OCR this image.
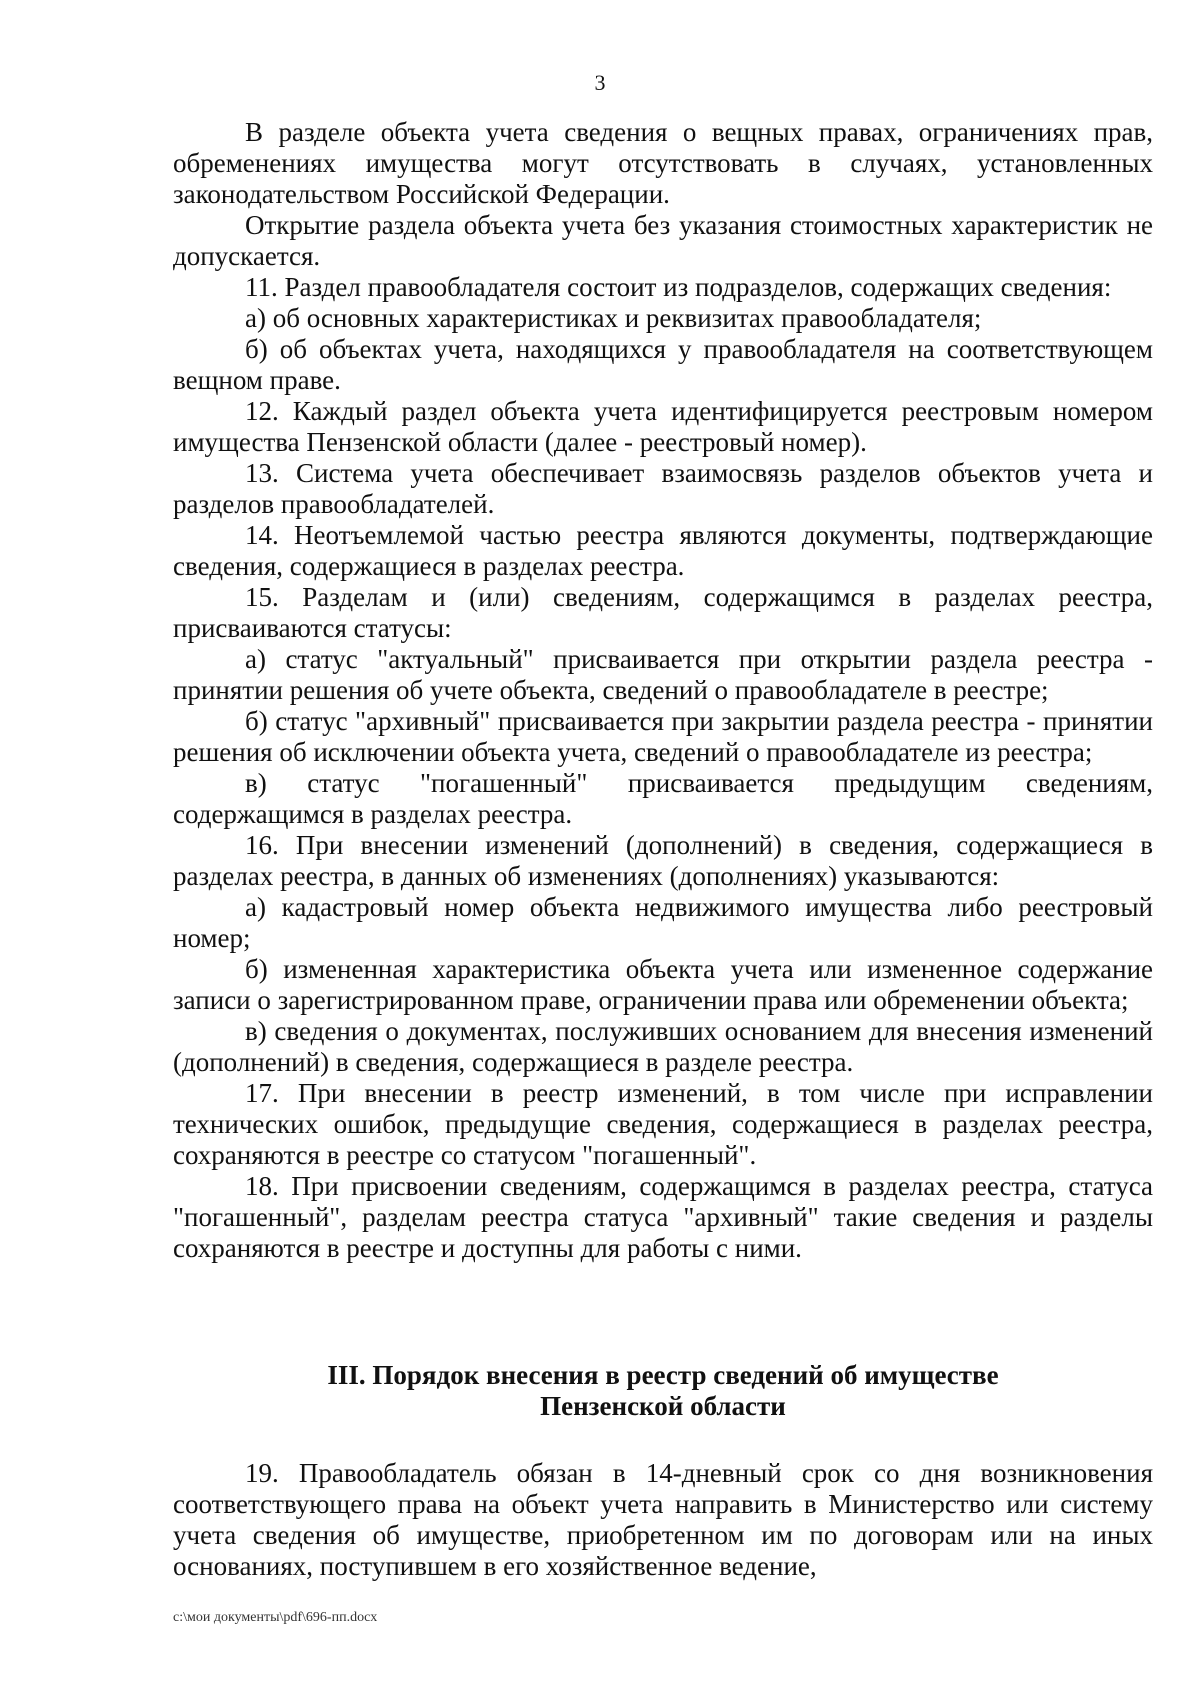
3

В разделе объекта учета сведения о вещных правах, ограничениях прав, обременениях имущества могут отсутствовать в случаях, установленных законодательством Российской Федерации.

Открытие раздела объекта учета без указания стоимостных характеристик не допускается.

11. Раздел правообладателя состоит из подразделов, содержащих сведения:

а) об основных характеристиках и реквизитах правообладателя;

б) об объектах учета, находящихся у правообладателя на соответствующем вещном праве.

12. Каждый раздел объекта учета идентифицируется реестровым номером имущества Пензенской области (далее - реестровый номер).

13. Система учета обеспечивает взаимосвязь разделов объектов учета и разделов правообладателей.

14. Неотъемлемой частью реестра являются документы, подтверждающие сведения, содержащиеся в разделах реестра.

15. Разделам и (или) сведениям, содержащимся в разделах реестра, присваиваются статусы:

а) статус "актуальный" присваивается при открытии раздела реестра - принятии решения об учете объекта, сведений о правообладателе в реестре;

б) статус "архивный" присваивается при закрытии раздела реестра - принятии решения об исключении объекта учета, сведений о правообладателе из реестра;

в) статус "погашенный" присваивается предыдущим сведениям, содержащимся в разделах реестра.

16. При внесении изменений (дополнений) в сведения, содержащиеся в разделах реестра, в данных об изменениях (дополнениях) указываются:

а) кадастровый номер объекта недвижимого имущества либо реестровый номер;

б) измененная характеристика объекта учета или измененное содержание записи о зарегистрированном праве, ограничении права или обременении объекта;

в) сведения о документах, послуживших основанием для внесения изменений (дополнений) в сведения, содержащиеся в разделе реестра.

17. При внесении в реестр изменений, в том числе при исправлении технических ошибок, предыдущие сведения, содержащиеся в разделах реестра, сохраняются в реестре со статусом "погашенный".

18. При присвоении сведениям, содержащимся в разделах реестра, статуса "погашенный", разделам реестра статуса "архивный" такие сведения и разделы сохраняются в реестре и доступны для работы с ними.

III. Порядок внесения в реестр сведений об имуществе
Пензенской области

19. Правообладатель обязан в 14-дневный срок со дня возникновения соответствующего права на объект учета направить в Министерство или систему учета сведения об имуществе, приобретенном им по договорам или на иных основаниях, поступившем в его хозяйственное ведение,

c:\мои документы\pdf\696-пп.docx
